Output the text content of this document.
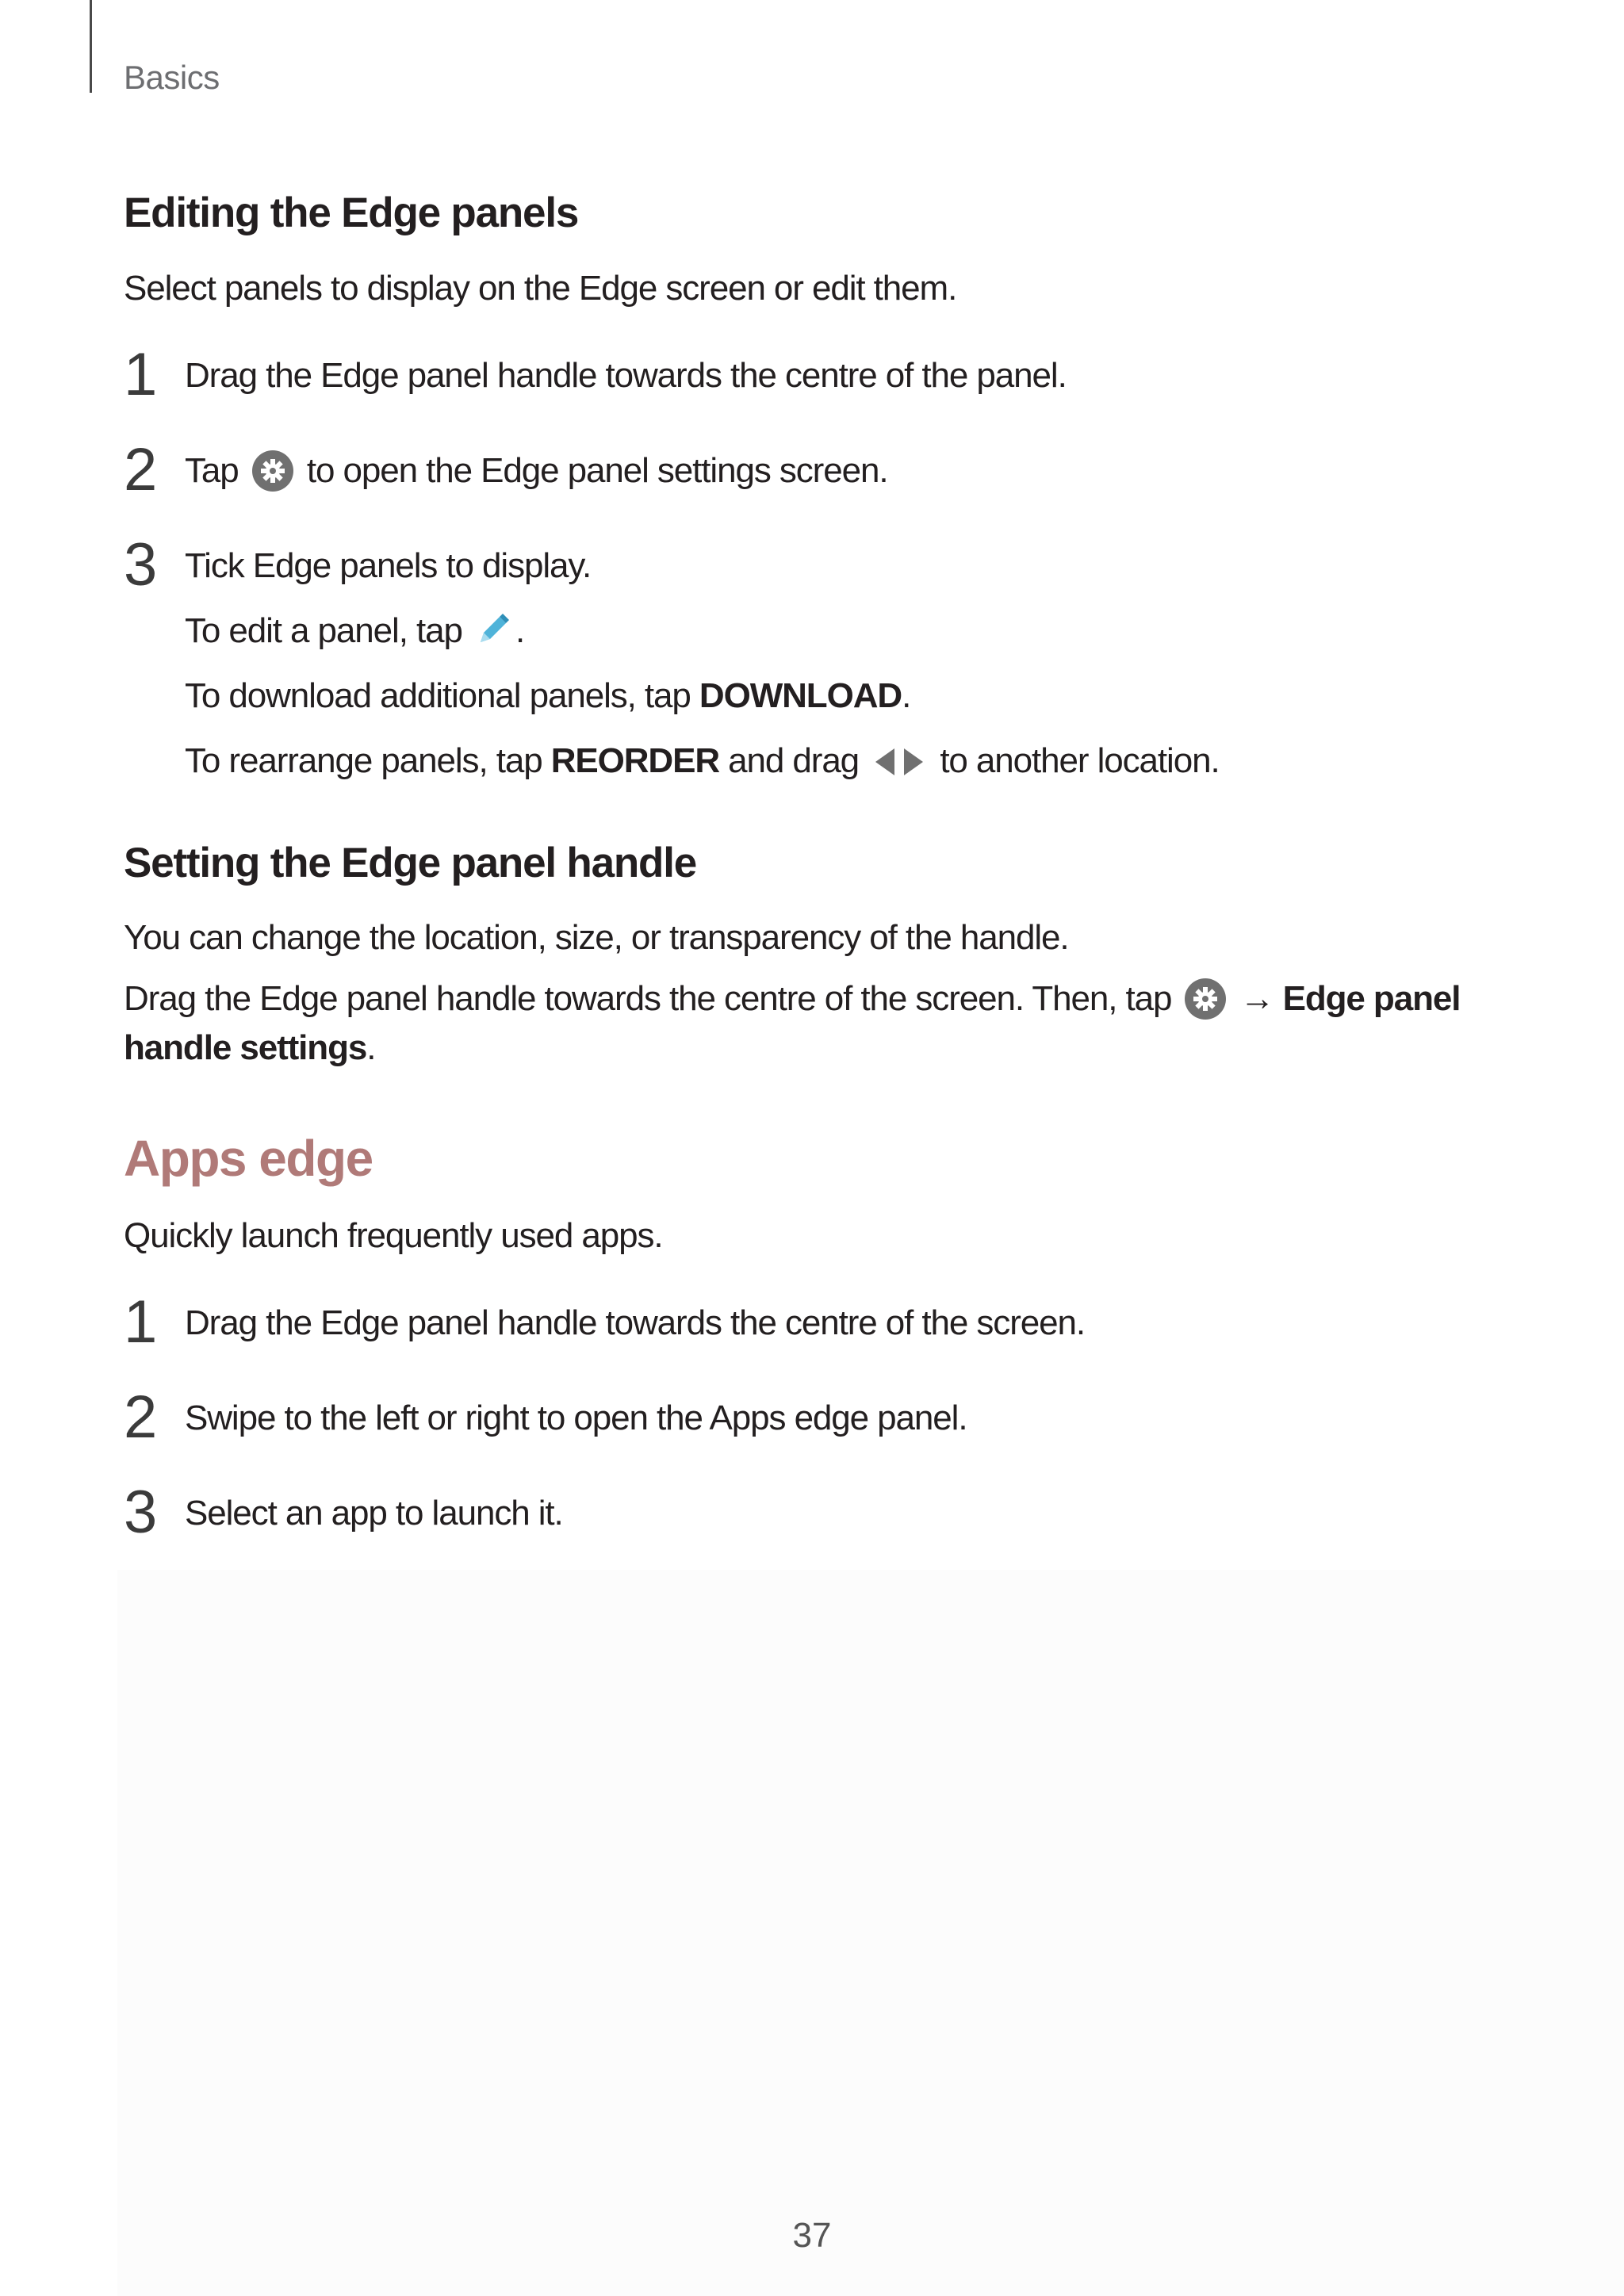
Basics
Editing the Edge panels
Select panels to display on the Edge screen or edit them.
1 Drag the Edge panel handle towards the centre of the panel.
2 Tap to open the Edge panel settings screen.
3 Tick Edge panels to display.
To edit a panel, tap .
To download additional panels, tap DOWNLOAD.
To rearrange panels, tap REORDER and drag to another location.
Setting the Edge panel handle
You can change the location, size, or transparency of the handle.
Drag the Edge panel handle towards the centre of the screen. Then, tap → Edge panel
handle settings.
Apps edge
Quickly launch frequently used apps.
1 Drag the Edge panel handle towards the centre of the screen.
2 Swipe to the left or right to open the Apps edge panel.
3 Select an app to launch it.
37
